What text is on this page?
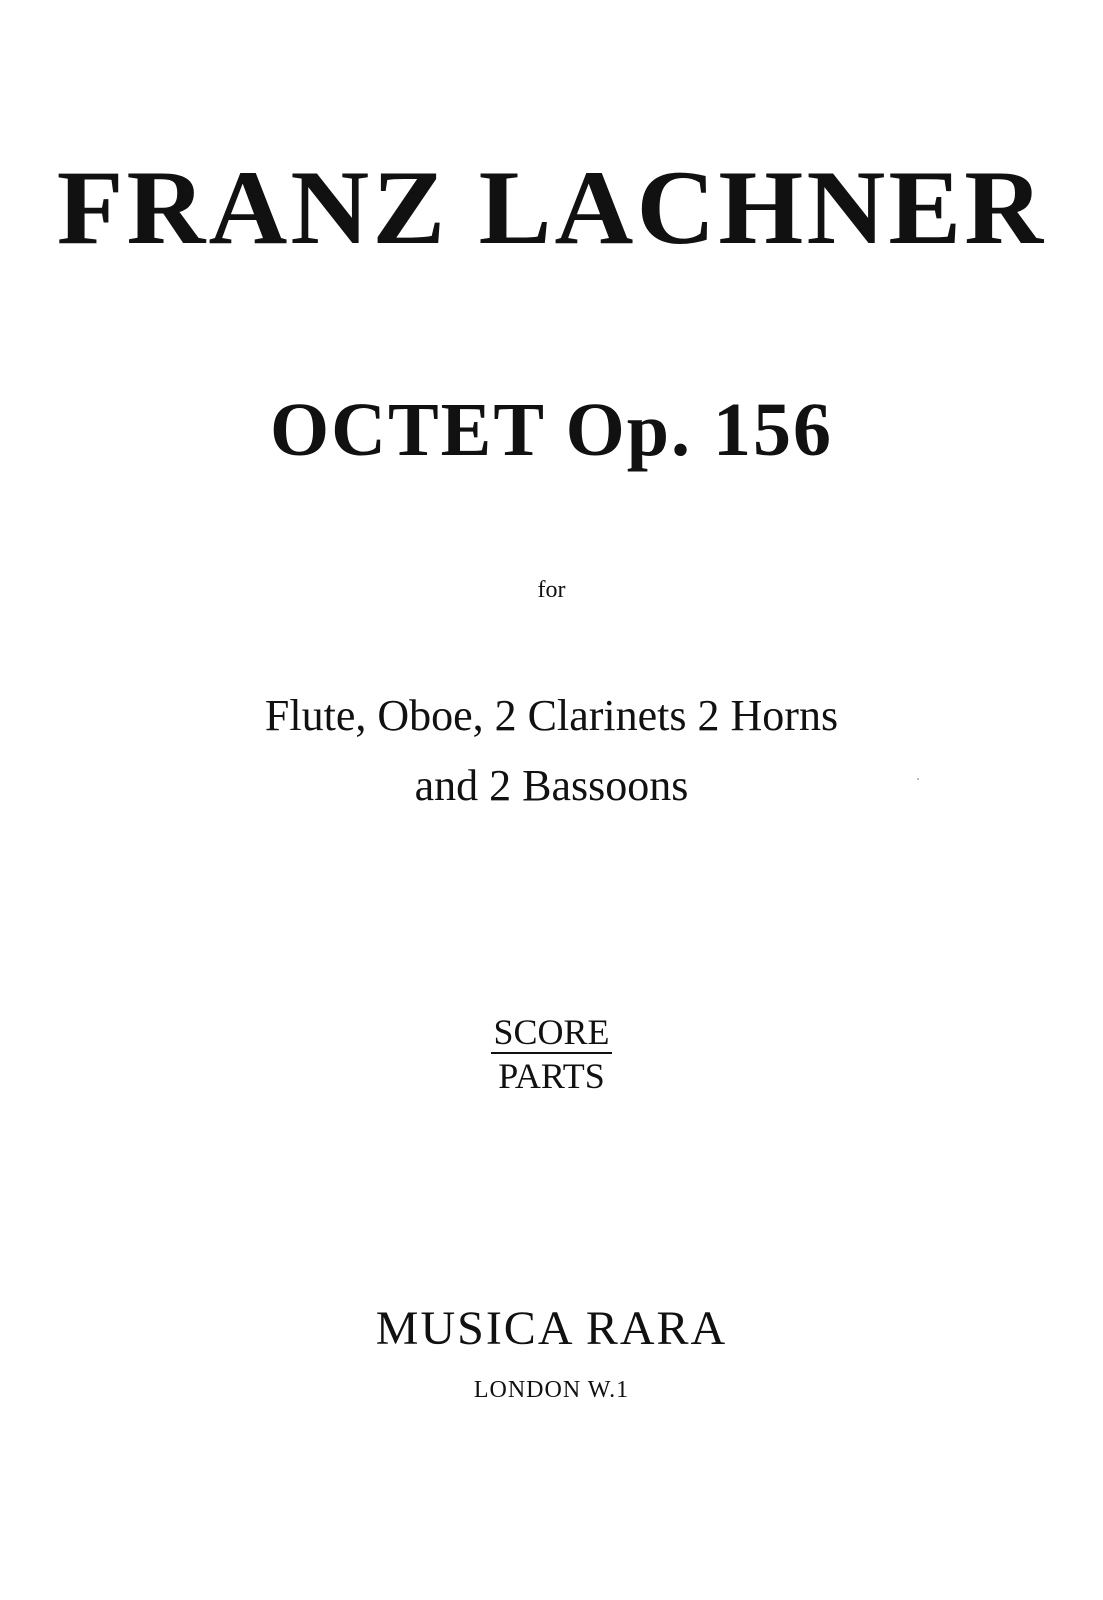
FRANZ LACHNER
OCTET Op. 156

for

Flute, Oboe, 2 Clarinets 2 Horns

and 2 Bassoons

SCORE
PARTS

MUSICA RARA

LONDON W.1
